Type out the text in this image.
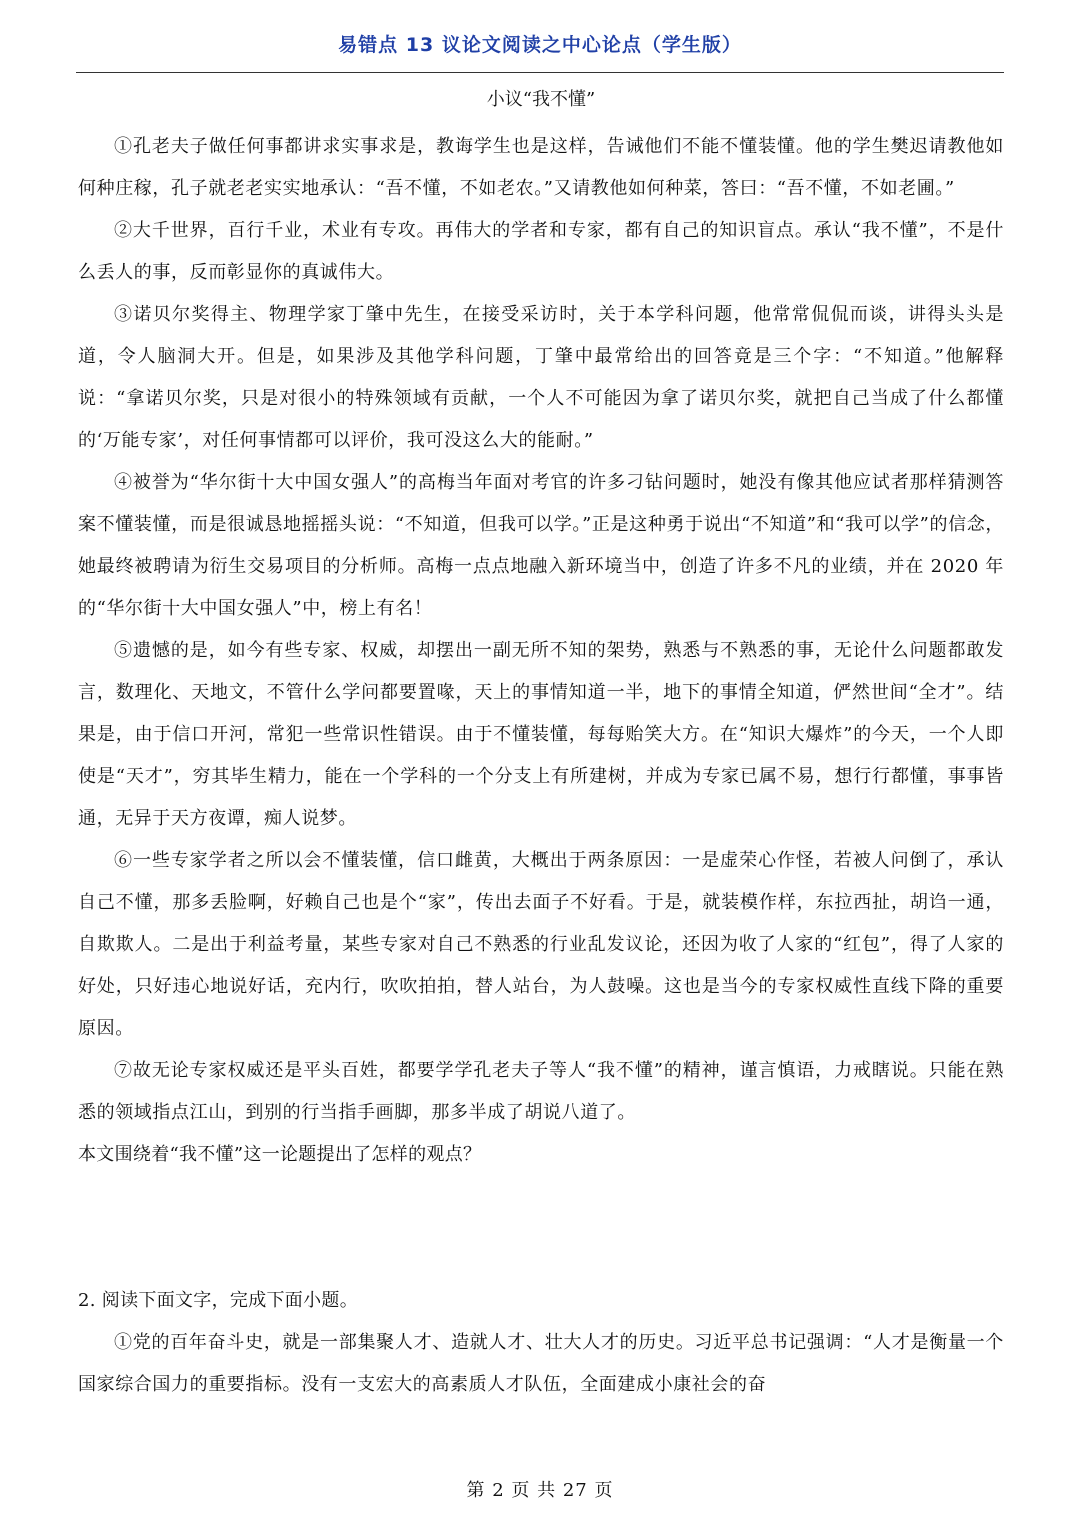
易错点 13 议论文阅读之中心论点（学生版）
小议“我不懂”

①孔老夫子做任何事都讲求实事求是，教诲学生也是这样，告诫他们不能不懂装懂。他的学生樊迟请教他如何种庄稼，孔子就老老实实地承认：“吾不懂，不如老农。”又请教他如何种菜，答曰：“吾不懂，不如老圃。”

②大千世界，百行千业，术业有专攻。再伟大的学者和专家，都有自己的知识盲点。承认“我不懂”，不是什么丢人的事，反而彰显你的真诚伟大。

③诺贝尔奖得主、物理学家丁肇中先生，在接受采访时，关于本学科问题，他常常侃侃而谈，讲得头头是道，令人脑洞大开。但是，如果涉及其他学科问题，丁肇中最常给出的回答竟是三个字：“不知道。”他解释说：“拿诺贝尔奖，只是对很小的特殊领域有贡献，一个人不可能因为拿了诺贝尔奖，就把自己当成了什么都懂的‘万能专家’，对任何事情都可以评价，我可没这么大的能耐。”

④被誉为“华尔街十大中国女强人”的高梅当年面对考官的许多刁钻问题时，她没有像其他应试者那样猜测答案不懂装懂，而是很诚恳地摇摇头说：“不知道，但我可以学。”正是这种勇于说出“不知道”和“我可以学”的信念，她最终被聘请为衍生交易项目的分析师。高梅一点点地融入新环境当中，创造了许多不凡的业绩，并在 2020 年的“华尔街十大中国女强人”中，榜上有名！

⑤遗憾的是，如今有些专家、权威，却摆出一副无所不知的架势，熟悉与不熟悉的事，无论什么问题都敢发言，数理化、天地文，不管什么学问都要置喙，天上的事情知道一半，地下的事情全知道，俨然世间“全才”。结果是，由于信口开河，常犯一些常识性错误。由于不懂装懂，每每贻笑大方。在“知识大爆炸”的今天，一个人即使是“天才”，穷其毕生精力，能在一个学科的一个分支上有所建树，并成为专家已属不易，想行行都懂，事事皆通，无异于天方夜谭，痴人说梦。

⑥一些专家学者之所以会不懂装懂，信口雌黄，大概出于两条原因：一是虚荣心作怪，若被人问倒了，承认自己不懂，那多丢脸啊，好赖自己也是个“家”，传出去面子不好看。于是，就装模作样，东拉西扯，胡诌一通，自欺欺人。二是出于利益考量，某些专家对自己不熟悉的行业乱发议论，还因为收了人家的“红包”，得了人家的好处，只好违心地说好话，充内行，吹吹拍拍，替人站台，为人鼓噪。这也是当今的专家权威性直线下降的重要原因。

⑦故无论专家权威还是平头百姓，都要学学孔老夫子等人“我不懂”的精神，谨言慎语，力戒瞎说。只能在熟悉的领域指点江山，到别的行当指手画脚，那多半成了胡说八道了。

本文围绕着“我不懂”这一论题提出了怎样的观点？

2. 阅读下面文字，完成下面小题。

①党的百年奋斗史，就是一部集聚人才、造就人才、壮大人才的历史。习近平总书记强调：“人才是衡量一个国家综合国力的重要指标。没有一支宏大的高素质人才队伍，全面建成小康社会的奋

第 2 页 共 27 页
